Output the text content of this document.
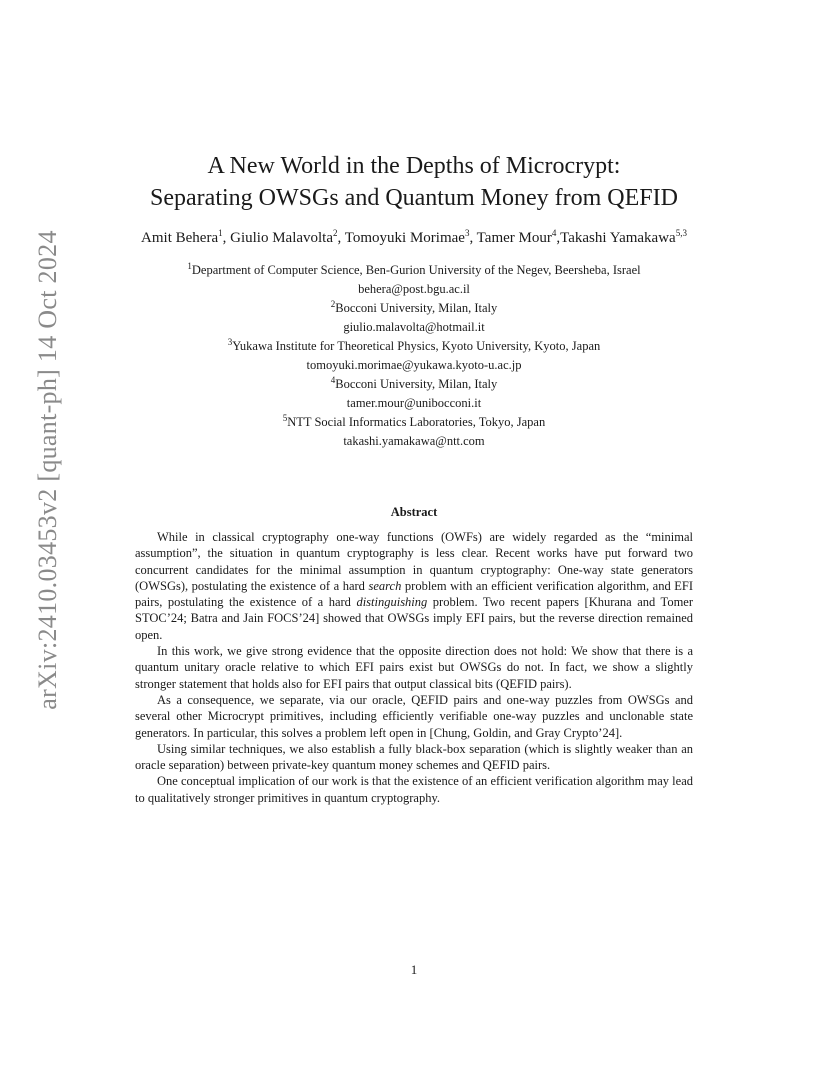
arXiv:2410.03453v2 [quant-ph] 14 Oct 2024
A New World in the Depths of Microcrypt:
Separating OWSGs and Quantum Money from QEFID
Amit Behera$^1$, Giulio Malavolta$^2$, Tomoyuki Morimae$^3$, Tamer Mour$^4$,Takashi Yamakawa$^{5,3}$
$^1$Department of Computer Science, Ben-Gurion University of the Negev, Beersheba, Israel
behera@post.bgu.ac.il
$^2$Bocconi University, Milan, Italy
giulio.malavolta@hotmail.it
$^3$Yukawa Institute for Theoretical Physics, Kyoto University, Kyoto, Japan
tomoyuki.morimae@yukawa.kyoto-u.ac.jp
$^4$Bocconi University, Milan, Italy
tamer.mour@unibocconi.it
$^5$NTT Social Informatics Laboratories, Tokyo, Japan
takashi.yamakawa@ntt.com
Abstract

While in classical cryptography one-way functions (OWFs) are widely regarded as the “minimal assumption”, the situation in quantum cryptography is less clear. Recent works have put forward two concurrent candidates for the minimal assumption in quantum cryptography: One-way state generators (OWSGs), postulating the existence of a hard search problem with an efficient verification algorithm, and EFI pairs, postulating the existence of a hard distinguishing problem. Two recent papers [Khurana and Tomer STOC’24; Batra and Jain FOCS’24] showed that OWSGs imply EFI pairs, but the reverse direction remained open.

In this work, we give strong evidence that the opposite direction does not hold: We show that there is a quantum unitary oracle relative to which EFI pairs exist but OWSGs do not. In fact, we show a slightly stronger statement that holds also for EFI pairs that output classical bits (QEFID pairs).

As a consequence, we separate, via our oracle, QEFID pairs and one-way puzzles from OWSGs and several other Microcrypt primitives, including efficiently verifiable one-way puzzles and unclonable state generators. In particular, this solves a problem left open in [Chung, Goldin, and Gray Crypto’24].

Using similar techniques, we also establish a fully black-box separation (which is slightly weaker than an oracle separation) between private-key quantum money schemes and QEFID pairs.

One conceptual implication of our work is that the existence of an efficient verification algorithm may lead to qualitatively stronger primitives in quantum cryptography.

1
